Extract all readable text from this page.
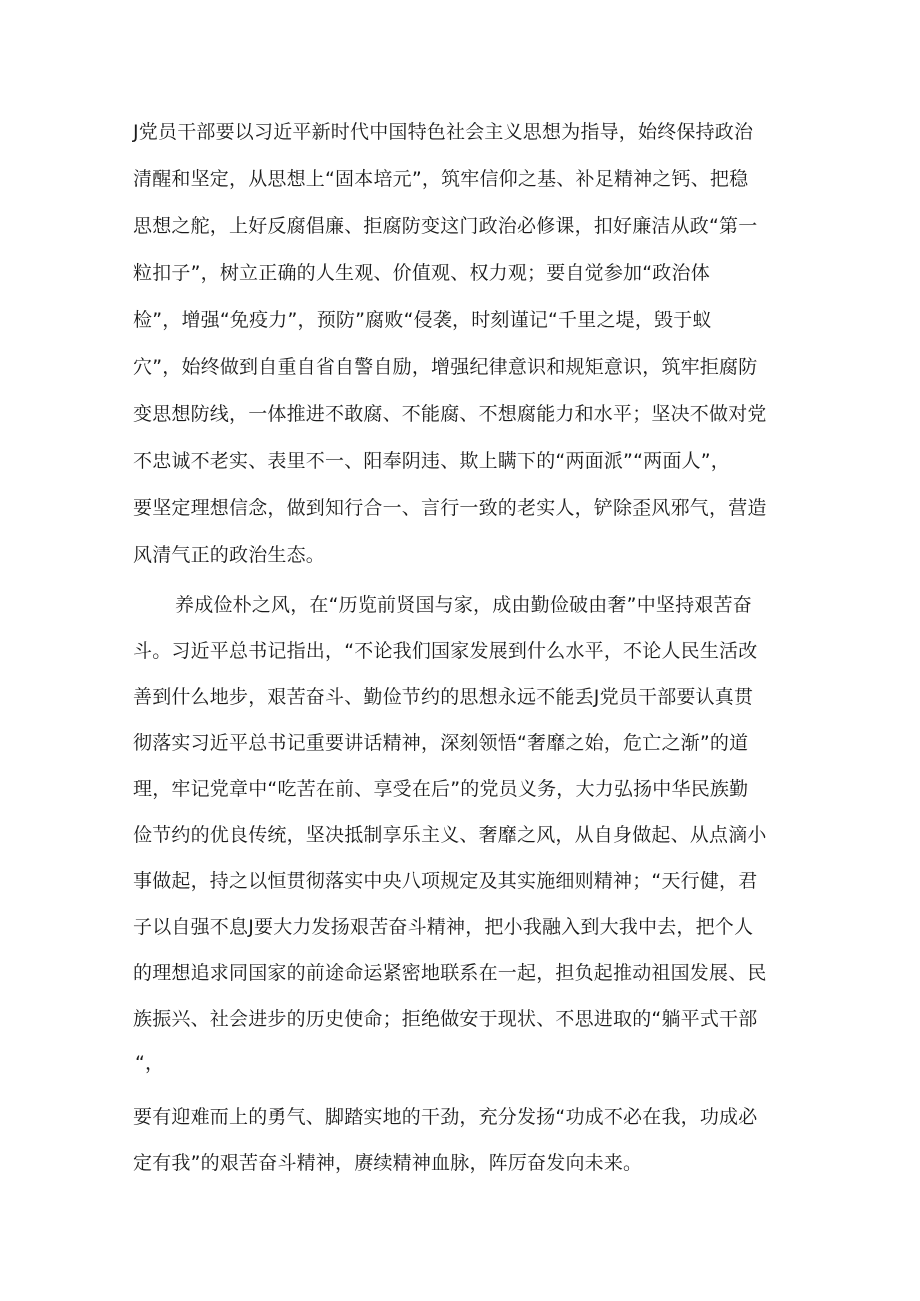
J党员干部要以习近平新时代中国特色社会主义思想为指导，始终保持政治
清醒和坚定，从思想上“固本培元”，筑牢信仰之基、补足精神之钙、把稳
思想之舵，上好反腐倡廉、拒腐防变这门政治必修课，扣好廉洁从政“第一
粒扣子”，树立正确的人生观、价值观、权力观；要自觉参加“政治体
检”，增强“免疫力”，预防”腐败“侵袭，时刻谨记“千里之堤，毁于蚁
穴”，始终做到自重自省自警自励，增强纪律意识和规矩意识，筑牢拒腐防
变思想防线，一体推进不敢腐、不能腐、不想腐能力和水平；坚决不做对党
不忠诚不老实、表里不一、阳奉阴违、欺上瞒下的“两面派”“两面人”，
要坚定理想信念，做到知行合一、言行一致的老实人，铲除歪风邪气，营造
风清气正的政治生态。
养成俭朴之风，在“历览前贤国与家，成由勤俭破由奢”中坚持艰苦奋
斗。习近平总书记指出，“不论我们国家发展到什么水平，不论人民生活改
善到什么地步，艰苦奋斗、勤俭节约的思想永远不能丢J党员干部要认真贯
彻落实习近平总书记重要讲话精神，深刻领悟“奢靡之始，危亡之渐”的道
理，牢记党章中“吃苦在前、享受在后”的党员义务，大力弘扬中华民族勤
俭节约的优良传统，坚决抵制享乐主义、奢靡之风，从自身做起、从点滴小
事做起，持之以恒贯彻落实中央八项规定及其实施细则精神；“天行健，君
子以自强不息J要大力发扬艰苦奋斗精神，把小我融入到大我中去，把个人
的理想追求同国家的前途命运紧密地联系在一起，担负起推动祖国发展、民
族振兴、社会进步的历史使命；拒绝做安于现状、不思进取的“躺平式干部
“，
要有迎难而上的勇气、脚踏实地的干劲，充分发扬“功成不必在我，功成必
定有我”的艰苦奋斗精神，赓续精神血脉，阵厉奋发向未来。
